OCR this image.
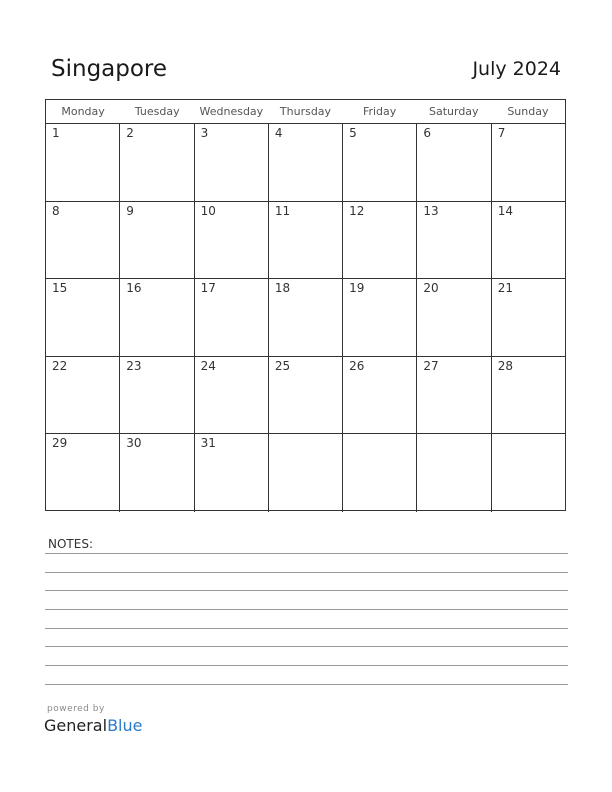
Singapore	July 2024
Monday	Tuesday	Wednesday	Thursday	Friday	Saturday	Sunday
1	2	3	4	5	6	7
8	9	10	11	12	13	14
15	16	17	18	19	20	21
22	23	24	25	26	27	28
29	30	31
NOTES:
powered by
GeneralBlue
